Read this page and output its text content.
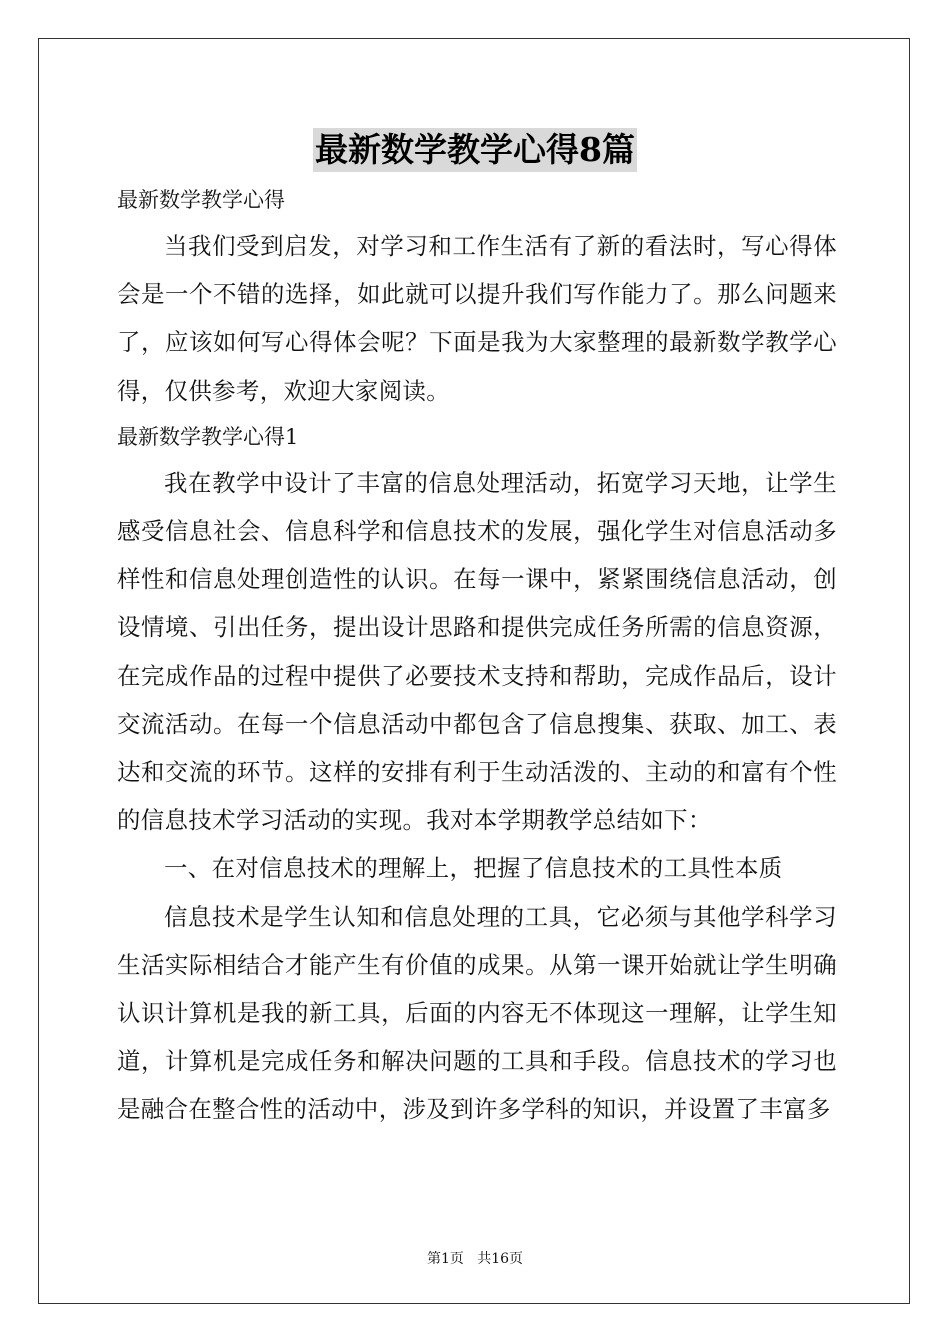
最新数学教学心得8篇

最新数学教学心得

当我们受到启发，对学习和工作生活有了新的看法时，写心得体会是一个不错的选择，如此就可以提升我们写作能力了。那么问题来了，应该如何写心得体会呢？下面是我为大家整理的最新数学教学心得，仅供参考，欢迎大家阅读。

最新数学教学心得1

我在教学中设计了丰富的信息处理活动，拓宽学习天地，让学生感受信息社会、信息科学和信息技术的发展，强化学生对信息活动多样性和信息处理创造性的认识。在每一课中，紧紧围绕信息活动，创设情境、引出任务，提出设计思路和提供完成任务所需的信息资源，在完成作品的过程中提供了必要技术支持和帮助，完成作品后，设计交流活动。在每一个信息活动中都包含了信息搜集、获取、加工、表达和交流的环节。这样的安排有利于生动活泼的、主动的和富有个性的信息技术学习活动的实现。我对本学期教学总结如下：

一、在对信息技术的理解上，把握了信息技术的工具性本质

信息技术是学生认知和信息处理的工具，它必须与其他学科学习生活实际相结合才能产生有价值的成果。从第一课开始就让学生明确认识计算机是我的新工具，后面的内容无不体现这一理解，让学生知道，计算机是完成任务和解决问题的工具和手段。信息技术的学习也是融合在整合性的活动中，涉及到许多学科的知识，并设置了丰富多

第1页   共16页
